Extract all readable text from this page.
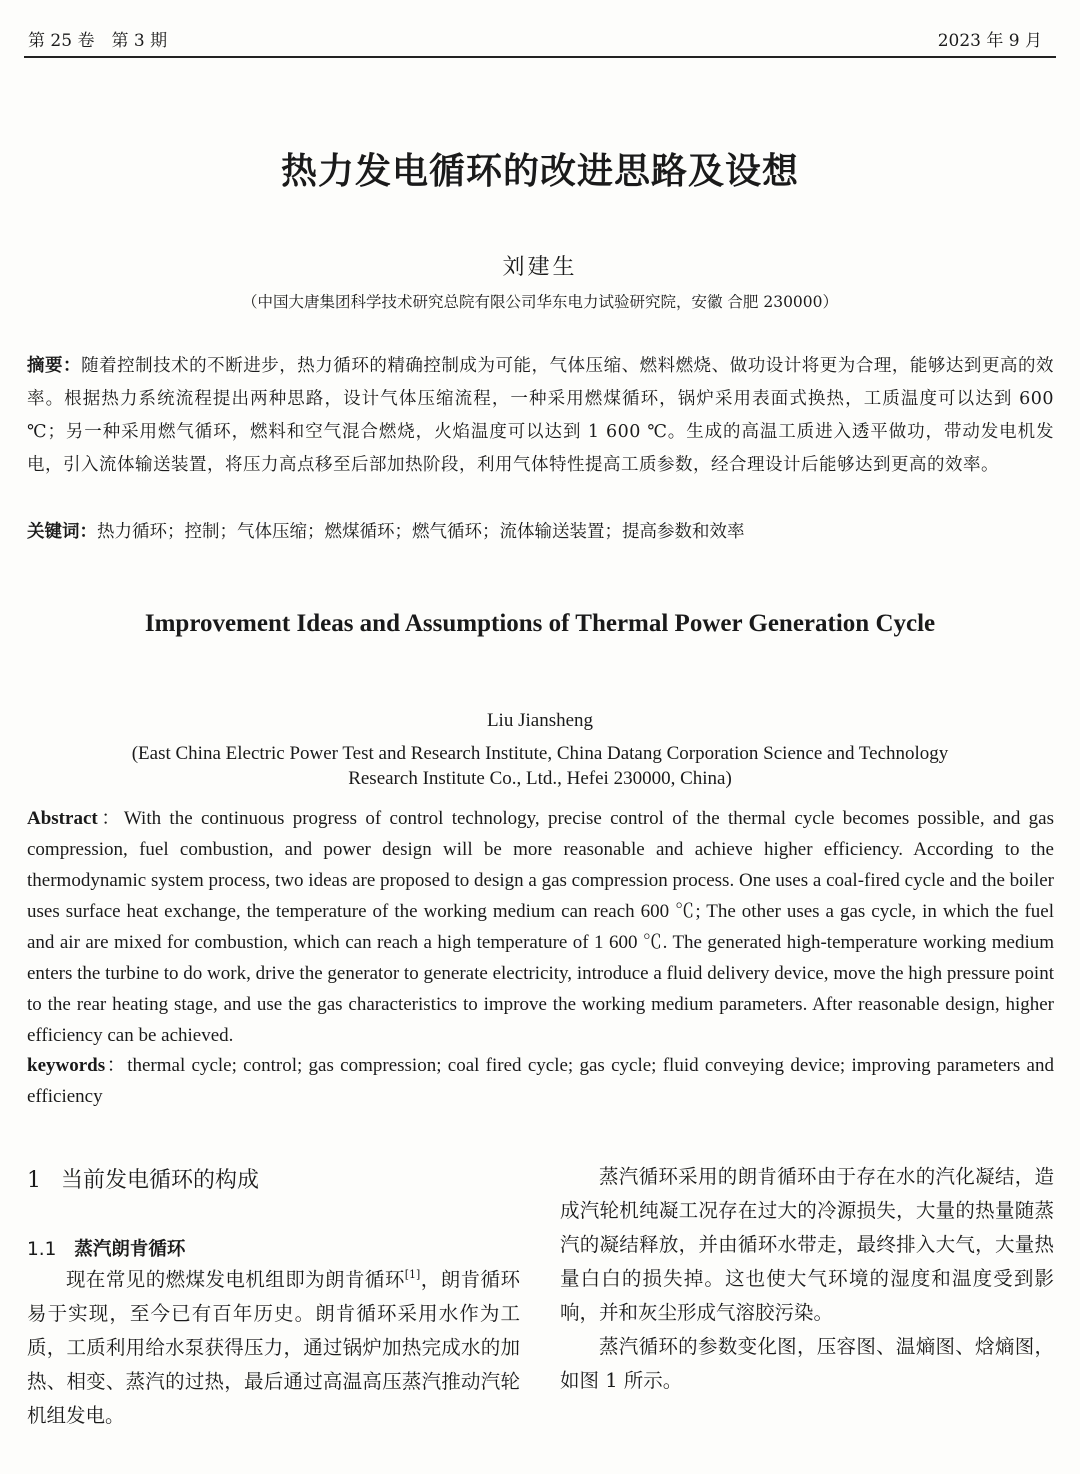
第 25 卷　第 3 期	2023 年 9 月
热力发电循环的改进思路及设想
刘建生
（中国大唐集团科学技术研究总院有限公司华东电力试验研究院，安徽 合肥 230000）
摘要：随着控制技术的不断进步，热力循环的精确控制成为可能，气体压缩、燃料燃烧、做功设计将更为合理，能够达到更高的效率。根据热力系统流程提出两种思路，设计气体压缩流程，一种采用燃煤循环，锅炉采用表面式换热，工质温度可以达到 600 ℃；另一种采用燃气循环，燃料和空气混合燃烧，火焰温度可以达到 1 600 ℃。生成的高温工质进入透平做功，带动发电机发电，引入流体输送装置，将压力高点移至后部加热阶段，利用气体特性提高工质参数，经合理设计后能够达到更高的效率。
关键词：热力循环；控制；气体压缩；燃煤循环；燃气循环；流体输送装置；提高参数和效率
Improvement Ideas and Assumptions of Thermal Power Generation Cycle
Liu Jiansheng
(East China Electric Power Test and Research Institute, China Datang Corporation Science and Technology
Research Institute Co., Ltd., Hefei 230000, China)
Abstract：With the continuous progress of control technology, precise control of the thermal cycle becomes possible, and gas compression, fuel combustion, and power design will be more reasonable and achieve higher efficiency. According to the thermodynamic system process, two ideas are proposed to design a gas compression process. One uses a coal-fired cycle and the boiler uses surface heat exchange, the temperature of the working medium can reach 600 ℃; The other uses a gas cycle, in which the fuel and air are mixed for combustion, which can reach a high temperature of 1 600 ℃. The generated high-temperature working medium enters the turbine to do work, drive the generator to generate electricity, introduce a fluid delivery device, move the high pressure point to the rear heating stage, and use the gas characteristics to improve the working medium parameters. After reasonable design, higher efficiency can be achieved.
keywords：thermal cycle; control; gas compression; coal fired cycle; gas cycle; fluid conveying device; improving parameters and efficiency
1 当前发电循环的构成
1.1 蒸汽朗肯循环

现在常见的燃煤发电机组即为朗肯循环[1]，朗肯循环易于实现，至今已有百年历史。朗肯循环采用水作为工质，工质利用给水泵获得压力，通过锅炉加热完成水的加热、相变、蒸汽的过热，最后通过高温高压蒸汽推动汽轮机组发电。

蒸汽循环采用的朗肯循环由于存在水的汽化凝结，造成汽轮机纯凝工况存在过大的冷源损失，大量的热量随蒸汽的凝结释放，并由循环水带走，最终排入大气，大量热量白白的损失掉。这也使大气环境的湿度和温度受到影响，并和灰尘形成气溶胶污染。

蒸汽循环的参数变化图，压容图、温熵图、焓熵图，如图 1 所示。
